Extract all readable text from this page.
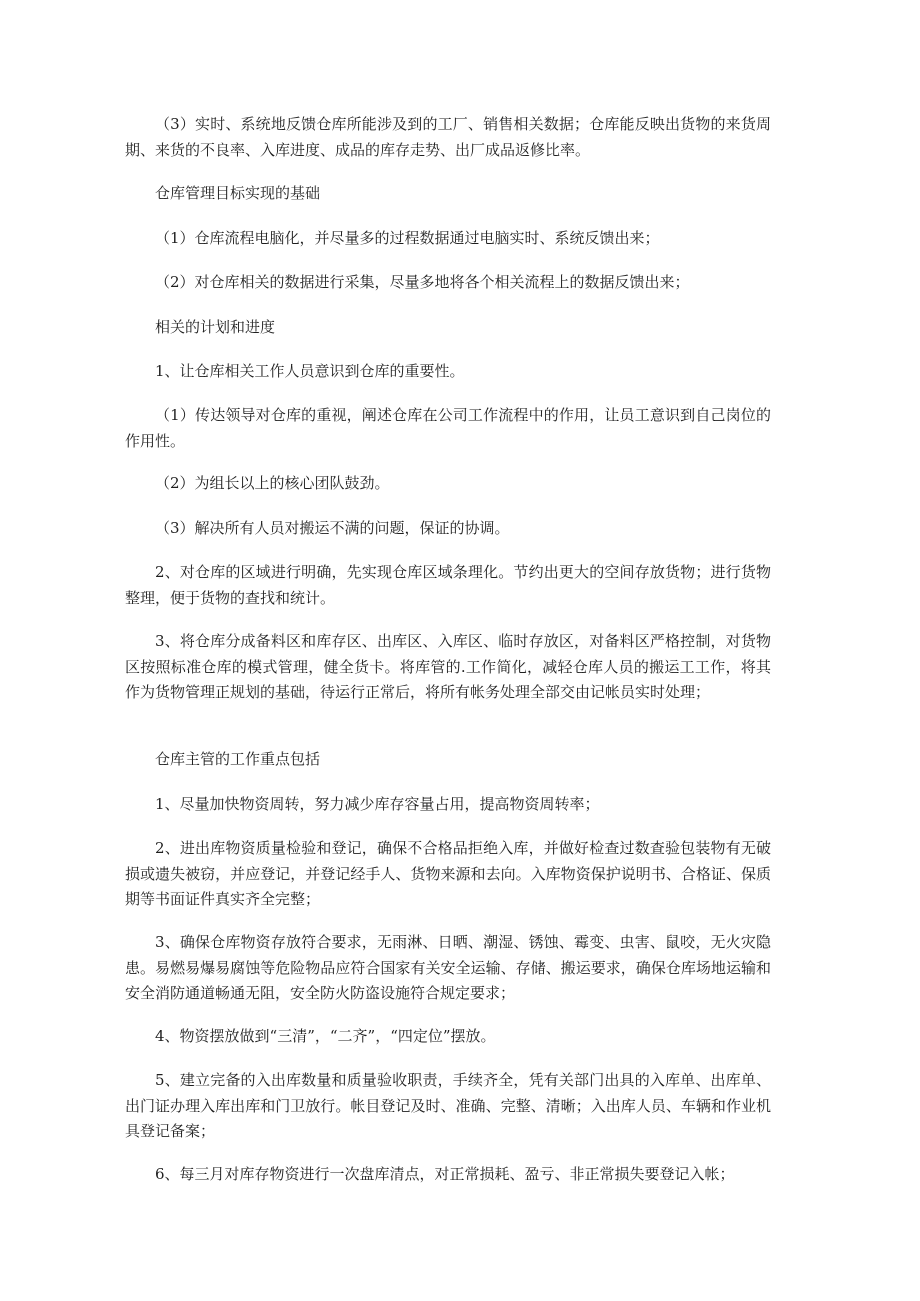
（3）实时、系统地反馈仓库所能涉及到的工厂、销售相关数据；仓库能反映出货物的来货周期、来货的不良率、入库进度、成品的库存走势、出厂成品返修比率。

仓库管理目标实现的基础

（1）仓库流程电脑化，并尽量多的过程数据通过电脑实时、系统反馈出来；

（2）对仓库相关的数据进行采集，尽量多地将各个相关流程上的数据反馈出来；

相关的计划和进度

1、让仓库相关工作人员意识到仓库的重要性。

（1）传达领导对仓库的重视，阐述仓库在公司工作流程中的作用，让员工意识到自己岗位的作用性。

（2）为组长以上的核心团队鼓劲。

（3）解决所有人员对搬运不满的问题，保证的协调。

2、对仓库的区域进行明确，先实现仓库区域条理化。节约出更大的空间存放货物；进行货物整理，便于货物的查找和统计。

3、将仓库分成备料区和库存区、出库区、入库区、临时存放区，对备料区严格控制，对货物区按照标准仓库的模式管理，健全货卡。将库管的.工作简化，减轻仓库人员的搬运工工作，将其作为货物管理正规划的基础，待运行正常后，将所有帐务处理全部交由记帐员实时处理；

仓库主管的工作重点包括

1、尽量加快物资周转，努力减少库存容量占用，提高物资周转率；

2、进出库物资质量检验和登记，确保不合格品拒绝入库，并做好检查过数查验包装物有无破损或遗失被窃，并应登记，并登记经手人、货物来源和去向。入库物资保护说明书、合格证、保质期等书面证件真实齐全完整；

3、确保仓库物资存放符合要求，无雨淋、日晒、潮湿、锈蚀、霉变、虫害、鼠咬，无火灾隐患。易燃易爆易腐蚀等危险物品应符合国家有关安全运输、存储、搬运要求，确保仓库场地运输和安全消防通道畅通无阻，安全防火防盗设施符合规定要求；

4、物资摆放做到“三清”，“二齐”，“四定位”摆放。

5、建立完备的入出库数量和质量验收职责，手续齐全，凭有关部门出具的入库单、出库单、出门证办理入库出库和门卫放行。帐目登记及时、准确、完整、清晰；入出库人员、车辆和作业机具登记备案；

6、每三月对库存物资进行一次盘库清点，对正常损耗、盈亏、非正常损失要登记入帐；
